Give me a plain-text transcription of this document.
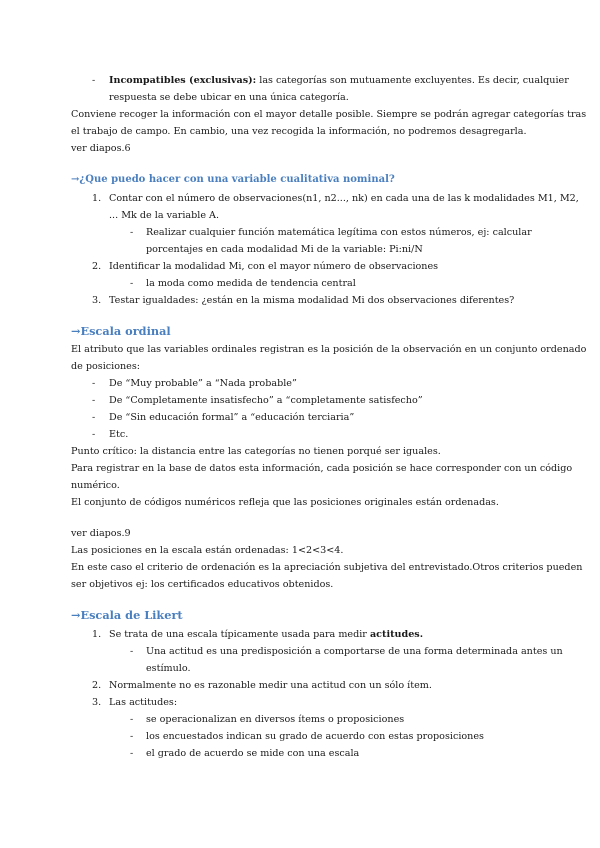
- Incompatibles (exclusivas): las categorías son mutuamente excluyentes. Es decir, cualquier
respuesta se debe ubicar en una única categoría.
Conviene recoger la información con el mayor detalle posible. Siempre se podrán agregar categorías tras
el trabajo de campo. En cambio, una vez recogida la información, no podremos desagregarla.
ver diapos.6
→¿Que puedo hacer con una variable cualitativa nominal?
1. Contar con el número de observaciones(n1, n2..., nk) en cada una de las k modalidades M1, M2,
... Mk de la variable A.
- Realizar cualquier función matemática legítima con estos números, ej: calcular
porcentajes en cada modalidad Mi de la variable: Pi:ni/N
2. Identificar la modalidad Mi, con el mayor número de observaciones
- la moda como medida de tendencia central
3. Testar igualdades: ¿están en la misma modalidad Mi dos observaciones diferentes?
→Escala ordinal
El atributo que las variables ordinales registran es la posición de la observación en un conjunto ordenado
de posiciones:
- De “Muy probable” a “Nada probable”
- De “Completamente insatisfecho” a “completamente satisfecho”
- De “Sin educación formal” a “educación terciaria”
- Etc.
Punto crítico: la distancia entre las categorías no tienen porqué ser iguales.
Para registrar en la base de datos esta información, cada posición se hace corresponder con un código
numérico.
El conjunto de códigos numéricos refleja que las posiciones originales están ordenadas.
ver diapos.9
Las posiciones en la escala están ordenadas: 1<2<3<4.
En este caso el criterio de ordenación es la apreciación subjetiva del entrevistado.Otros criterios pueden
ser objetivos ej: los certificados educativos obtenidos.
→Escala de Likert
1. Se trata de una escala típicamente usada para medir actitudes.
- Una actitud es una predisposición a comportarse de una forma determinada antes un
estímulo.
2. Normalmente no es razonable medir una actitud con un sólo ítem.
3. Las actitudes:
- se operacionalizan en diversos ítems o proposiciones
- los encuestados indican su grado de acuerdo con estas proposiciones
- el grado de acuerdo se mide con una escala
